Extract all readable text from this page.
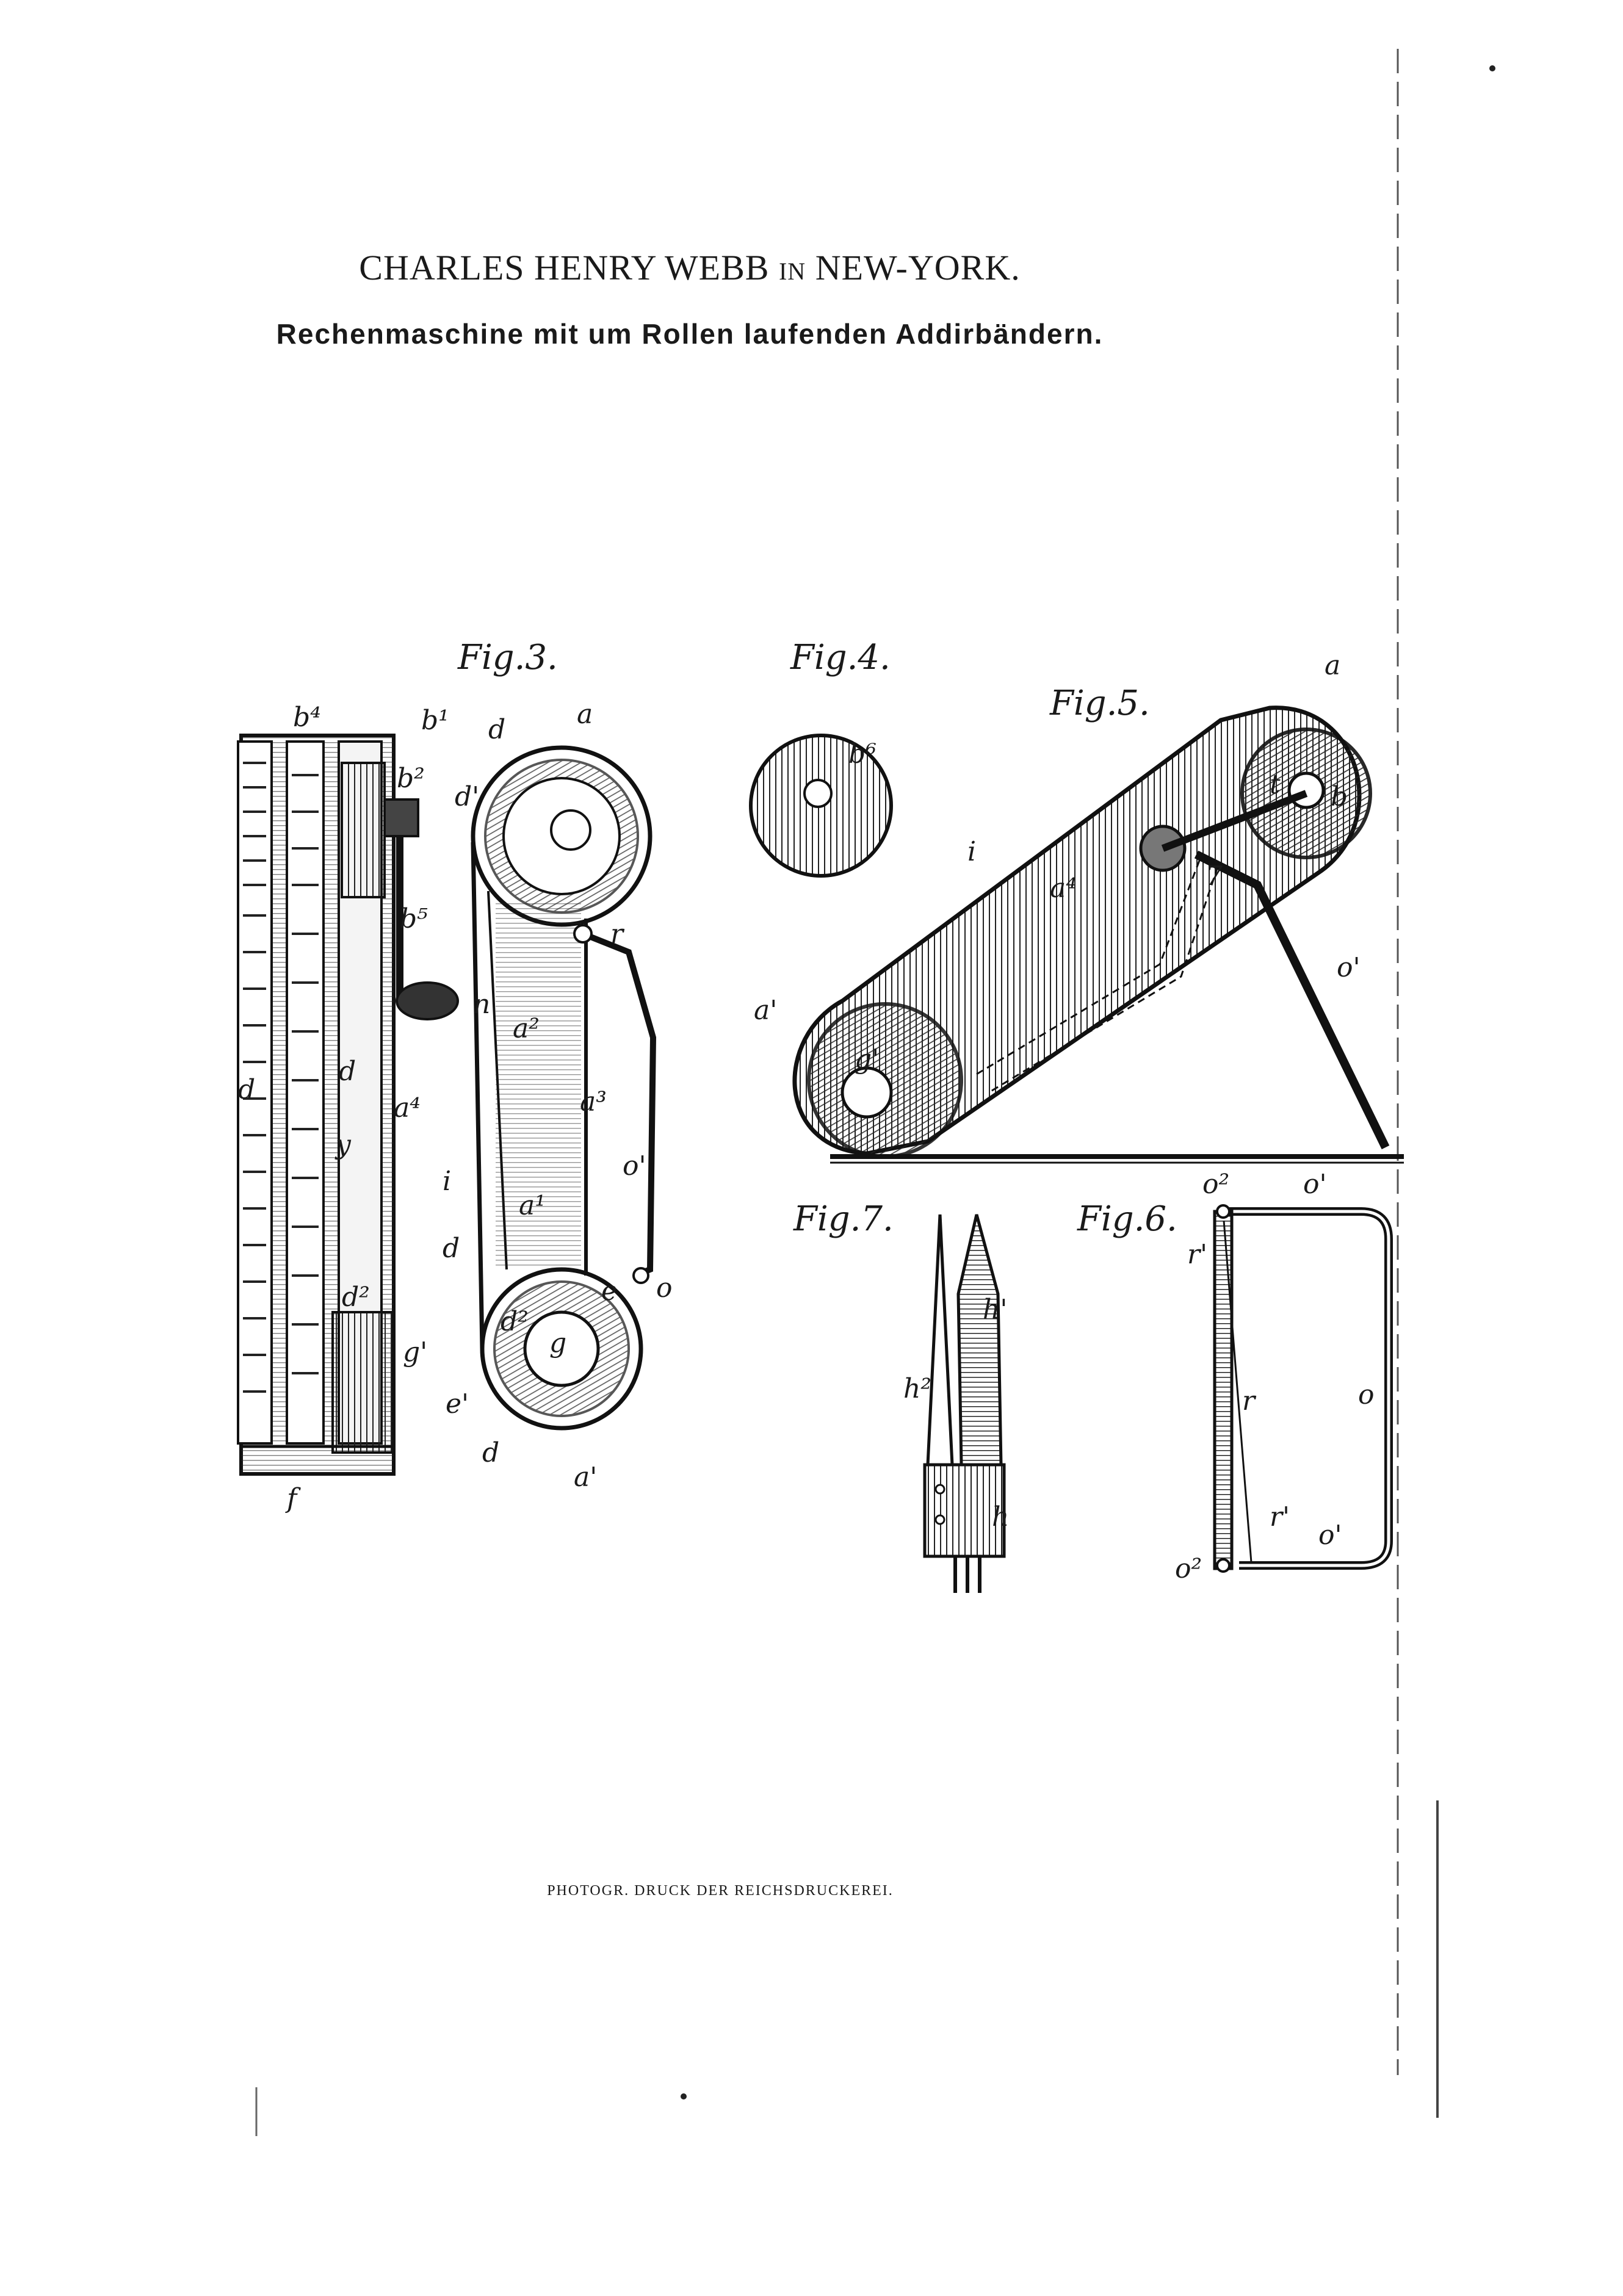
CHARLES HENRY WEBB IN NEW-YORK.
Rechenmaschine mit um Rollen laufenden Addirbändern.
Fig.3.	Fig.4.
Fig.5.
Fig.6.
Fig.7.
b⁴	b¹ d	a
b²
d'
b⁵	r
a²
n
d
a⁴	a³
d
y
i
a¹
o'
d
o
e
d²
d²
g
g'
e'
d
a'
f
b⁶
a
t b
i
a⁴	7
o'
a'
g'
h'
h²
h
o²	o'
r'
r	o
r'
o'
o²
PHOTOGR. DRUCK DER REICHSDRUCKEREI.
